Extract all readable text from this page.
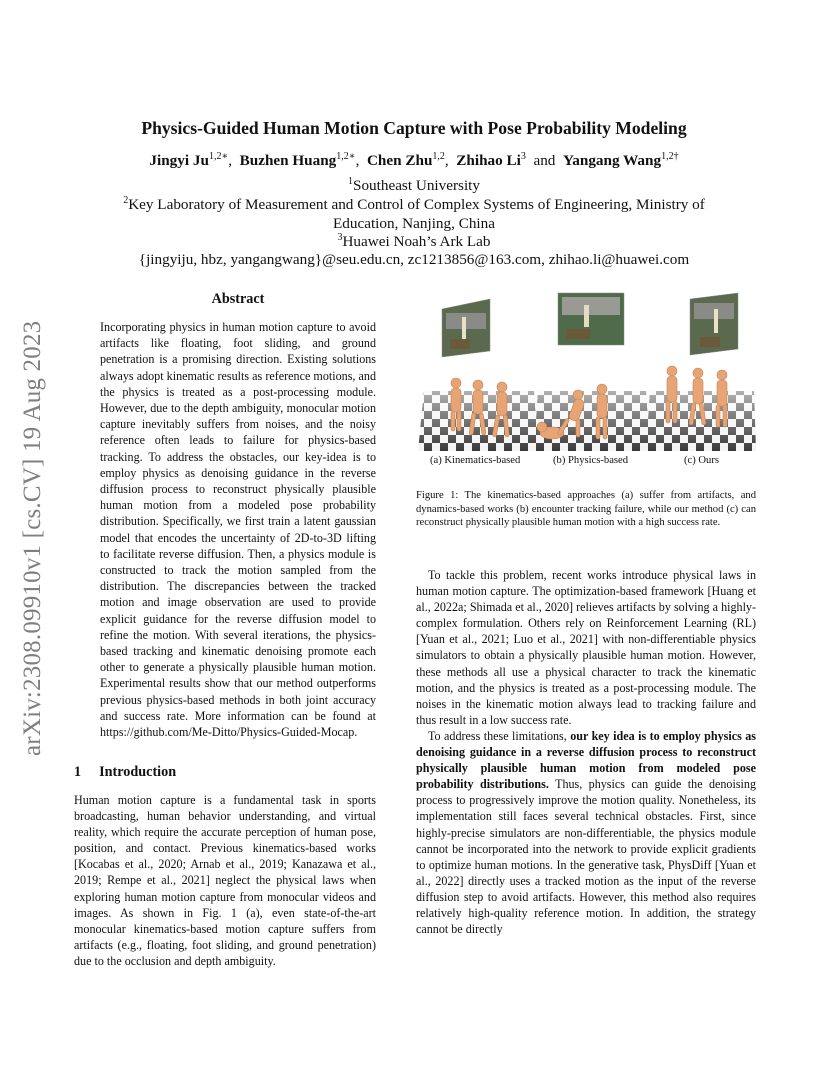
arXiv:2308.09910v1 [cs.CV] 19 Aug 2023
Physics-Guided Human Motion Capture with Pose Probability Modeling
Jingyi $Ju^{1,2∗}$, Buzhen Huang$^{1,2∗}$, Chen Zhu$^{1,2}$, Zhihao Li$^3$ and Yangang Wang$^{1,2\dagger}$
$^1$Southeast University
$^2$Key Laboratory of Measurement and Control of Complex Systems of Engineering, Ministry of
Education, Nanjing, China
$^3$Huawei Noah’s Ark Lab
{jingyiju, hbz, yangangwang}@seu.edu.cn, zc1213856@163.com, zhihao.li@huawei.com
Abstract
Incorporating physics in human motion capture to avoid artifacts like floating, foot sliding, and ground penetration is a promising direction. Existing solutions always adopt kinematic results as reference motions, and the physics is treated as a post-processing module. However, due to the depth ambiguity, monocular motion capture inevitably suffers from noises, and the noisy reference often leads to failure for physics-based tracking. To address the obstacles, our key-idea is to employ physics as denoising guidance in the reverse diffusion process to reconstruct physically plausible human motion from a modeled pose probability distribution. Specifically, we first train a latent gaussian model that encodes the uncertainty of 2D-to-3D lifting to facilitate reverse diffusion. Then, a physics module is constructed to track the motion sampled from the distribution. The discrepancies between the tracked motion and image observation are used to provide explicit guidance for the reverse diffusion model to refine the motion. With several iterations, the physics-based tracking and kinematic denoising promote each other to generate a physically plausible human motion. Experimental results show that our method outperforms previous physics-based methods in both joint accuracy and success rate. More information can be found at https://github.com/Me-Ditto/Physics-Guided-Mocap.
1 Introduction

Human motion capture is a fundamental task in sports broadcasting, human behavior understanding, and virtual reality, which require the accurate perception of human pose, position, and contact. Previous kinematics-based works [Kocabas et al., 2020; Arnab et al., 2019; Kanazawa et al., 2019; Rempe et al., 2021] neglect the physical laws when exploring human motion capture from monocular videos and images. As shown in Fig. 1 (a), even state-of-the-art monocular kinematics-based motion capture suffers from artifacts (e.g., floating, foot sliding, and ground penetration) due to the occlusion and depth ambiguity.

(a) Kinematics-based	(b) Physics-based	(c) Ours
Figure 1: The kinematics-based approaches (a) suffer from artifacts, and dynamics-based works (b) encounter tracking failure, while our method (c) can reconstruct physically plausible human motion with a high success rate.

To tackle this problem, recent works introduce physical laws in human motion capture. The optimization-based framework [Huang et al., 2022a; Shimada et al., 2020] relieves artifacts by solving a highly-complex formulation. Others rely on Reinforcement Learning (RL) [Yuan et al., 2021; Luo et al., 2021] with non-differentiable physics simulators to obtain a physically plausible human motion. However, these methods all use a physical character to track the kinematic motion, and the physics is treated as a post-processing module. The noises in the kinematic motion always lead to tracking failure and thus result in a low success rate.

To address these limitations, our key idea is to employ physics as denoising guidance in a reverse diffusion process to reconstruct physically plausible human motion from modeled pose probability distributions. Thus, physics can guide the denoising process to progressively improve the motion quality. Nonetheless, its implementation still faces several technical obstacles. First, since highly-precise simulators are non-differentiable, the physics module cannot be incorporated into the network to provide explicit gradients to optimize human motions. In the generative task, PhysDiff [Yuan et al., 2022] directly uses a tracked motion as the input of the reverse diffusion step to avoid artifacts. However, this method also requires relatively high-quality reference motion. In addition, the strategy cannot be directly
